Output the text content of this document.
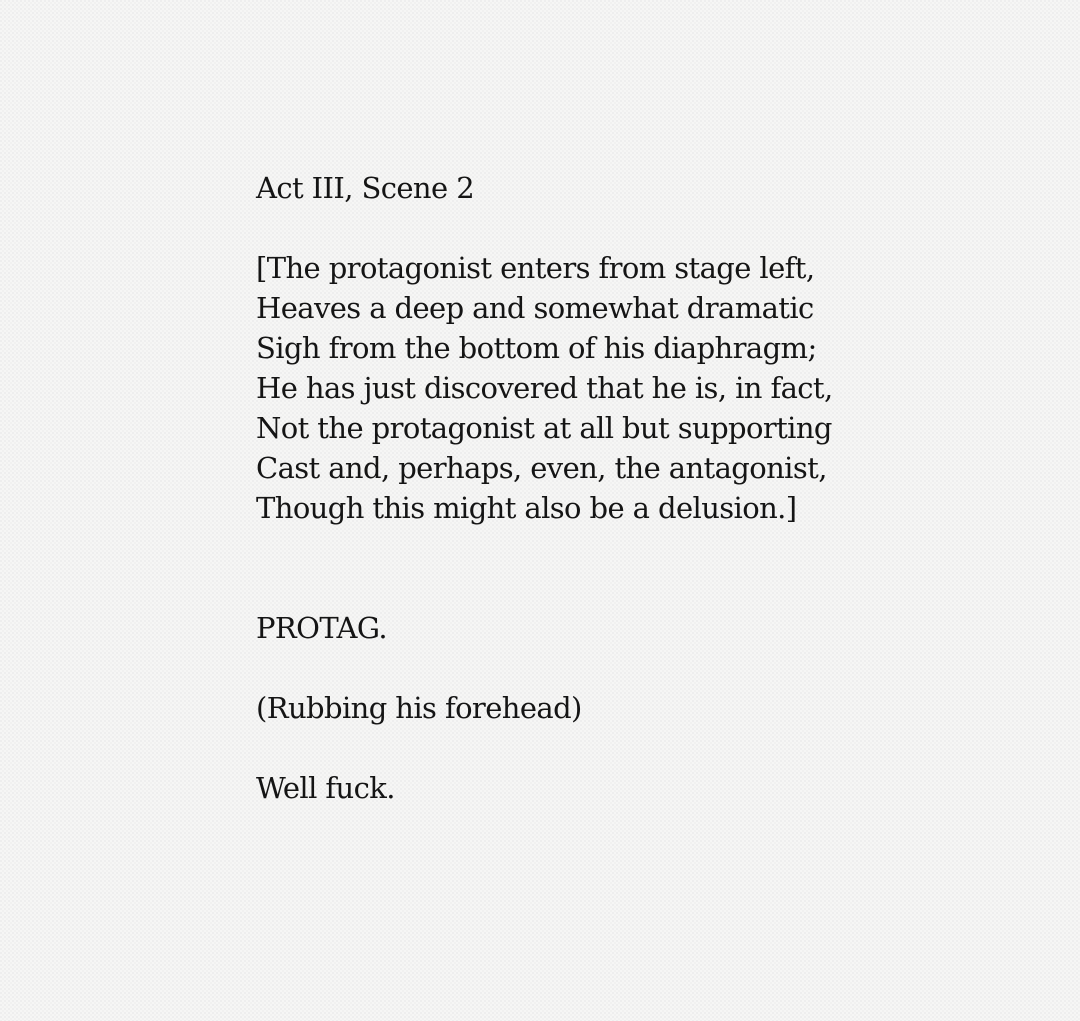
Act III, Scene 2
[The protagonist enters from stage left,
Heaves a deep and somewhat dramatic
Sigh from the bottom of his diaphragm;
He has just discovered that he is, in fact,
Not the protagonist at all but supporting
Cast and, perhaps, even, the antagonist,
Though this might also be a delusion.]
PROTAG.
(Rubbing his forehead)
Well fuck.
